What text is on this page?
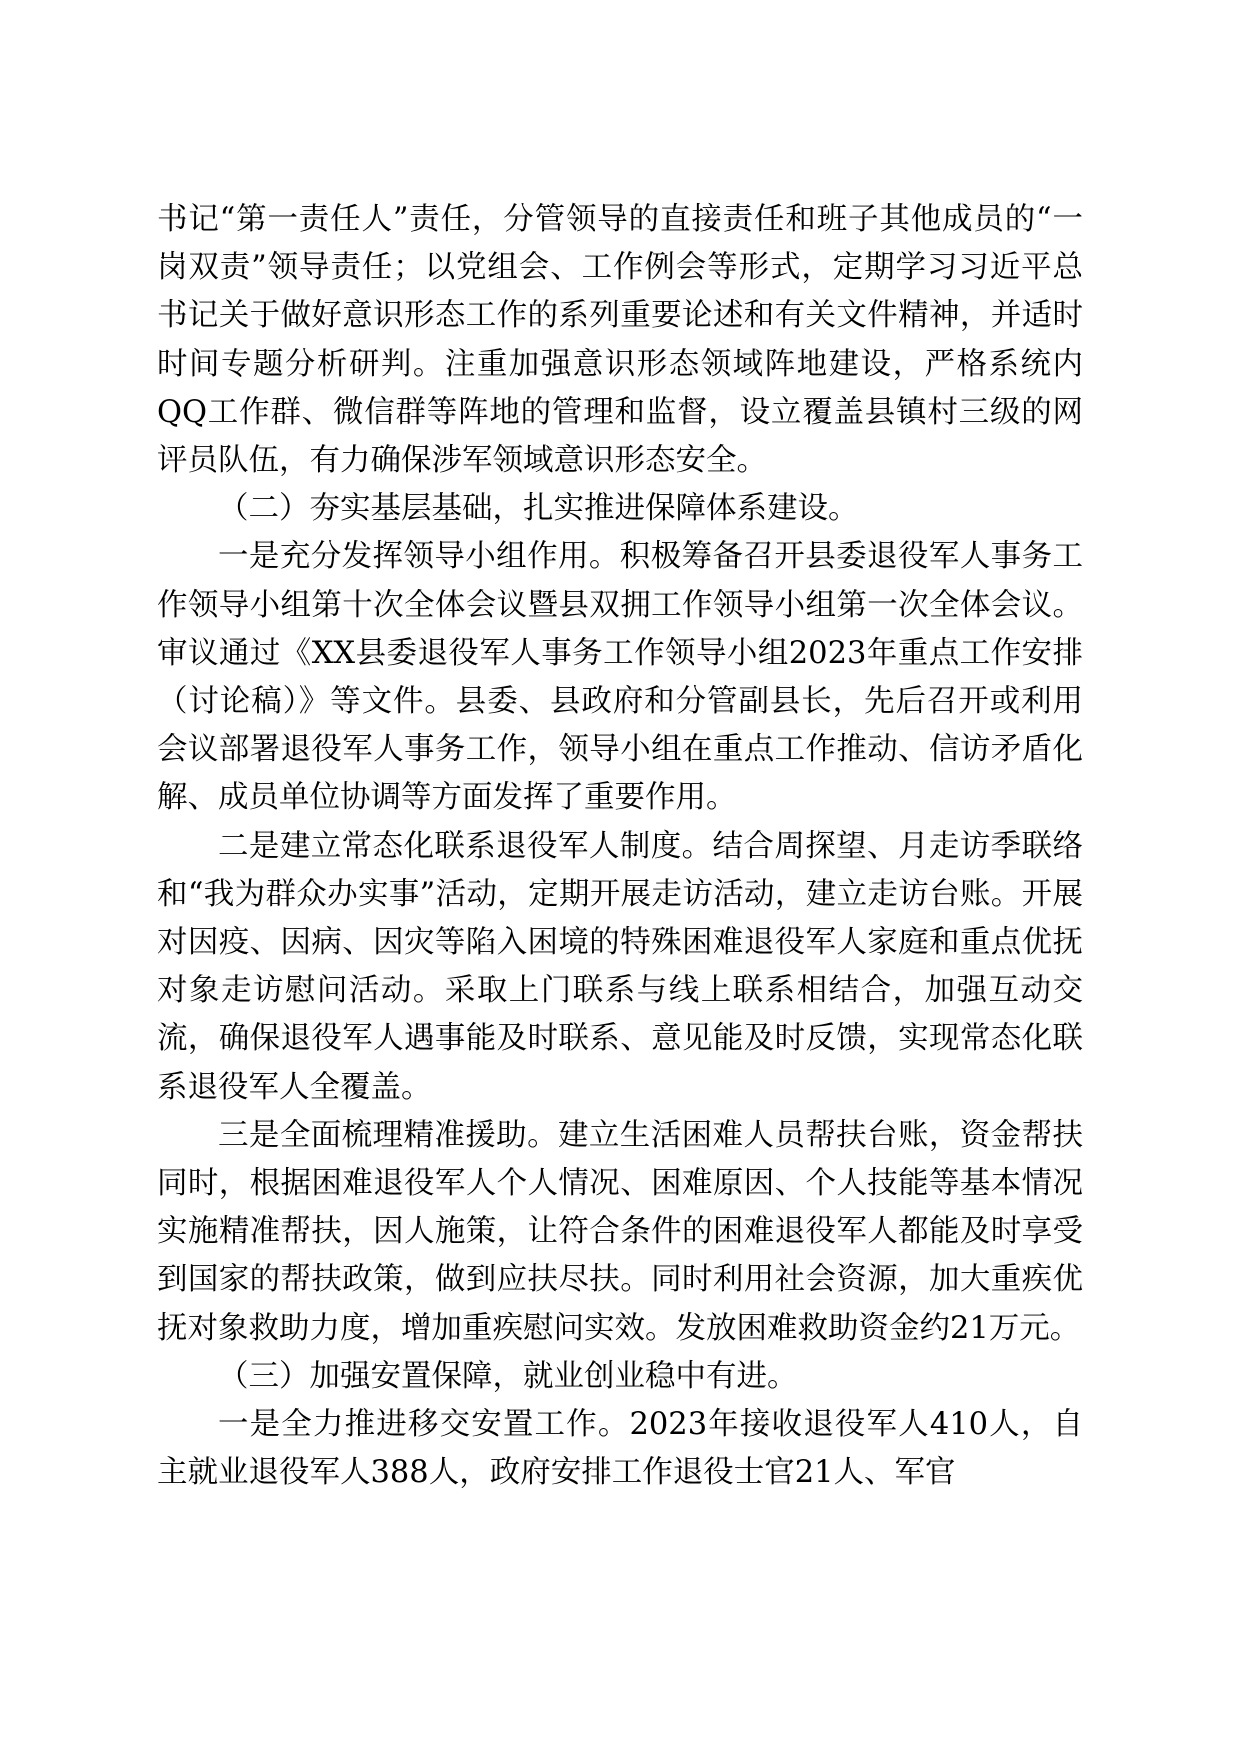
书记“第一责任人”责任，分管领导的直接责任和班子其他成员的“一岗双责”领导责任；以党组会、工作例会等形式，定期学习习近平总书记关于做好意识形态工作的系列重要论述和有关文件精神，并适时时间专题分析研判。注重加强意识形态领域阵地建设，严格系统内QQ工作群、微信群等阵地的管理和监督，设立覆盖县镇村三级的网评员队伍，有力确保涉军领域意识形态安全。

（二）夯实基层基础，扎实推进保障体系建设。

一是充分发挥领导小组作用。积极筹备召开县委退役军人事务工作领导小组第十次全体会议暨县双拥工作领导小组第一次全体会议。审议通过《XX县委退役军人事务工作领导小组2023年重点工作安排（讨论稿）》等文件。县委、县政府和分管副县长，先后召开或利用会议部署退役军人事务工作，领导小组在重点工作推动、信访矛盾化解、成员单位协调等方面发挥了重要作用。

二是建立常态化联系退役军人制度。结合周探望、月走访季联络和“我为群众办实事”活动，定期开展走访活动，建立走访台账。开展对因疫、因病、因灾等陷入困境的特殊困难退役军人家庭和重点优抚对象走访慰问活动。采取上门联系与线上联系相结合，加强互动交流，确保退役军人遇事能及时联系、意见能及时反馈，实现常态化联系退役军人全覆盖。

三是全面梳理精准援助。建立生活困难人员帮扶台账，资金帮扶同时，根据困难退役军人个人情况、困难原因、个人技能等基本情况实施精准帮扶，因人施策，让符合条件的困难退役军人都能及时享受到国家的帮扶政策，做到应扶尽扶。同时利用社会资源，加大重疾优抚对象救助力度，增加重疾慰问实效。发放困难救助资金约21万元。

（三）加强安置保障，就业创业稳中有进。

一是全力推进移交安置工作。2023年接收退役军人410人，自主就业退役军人388人，政府安排工作退役士官21人、军官
